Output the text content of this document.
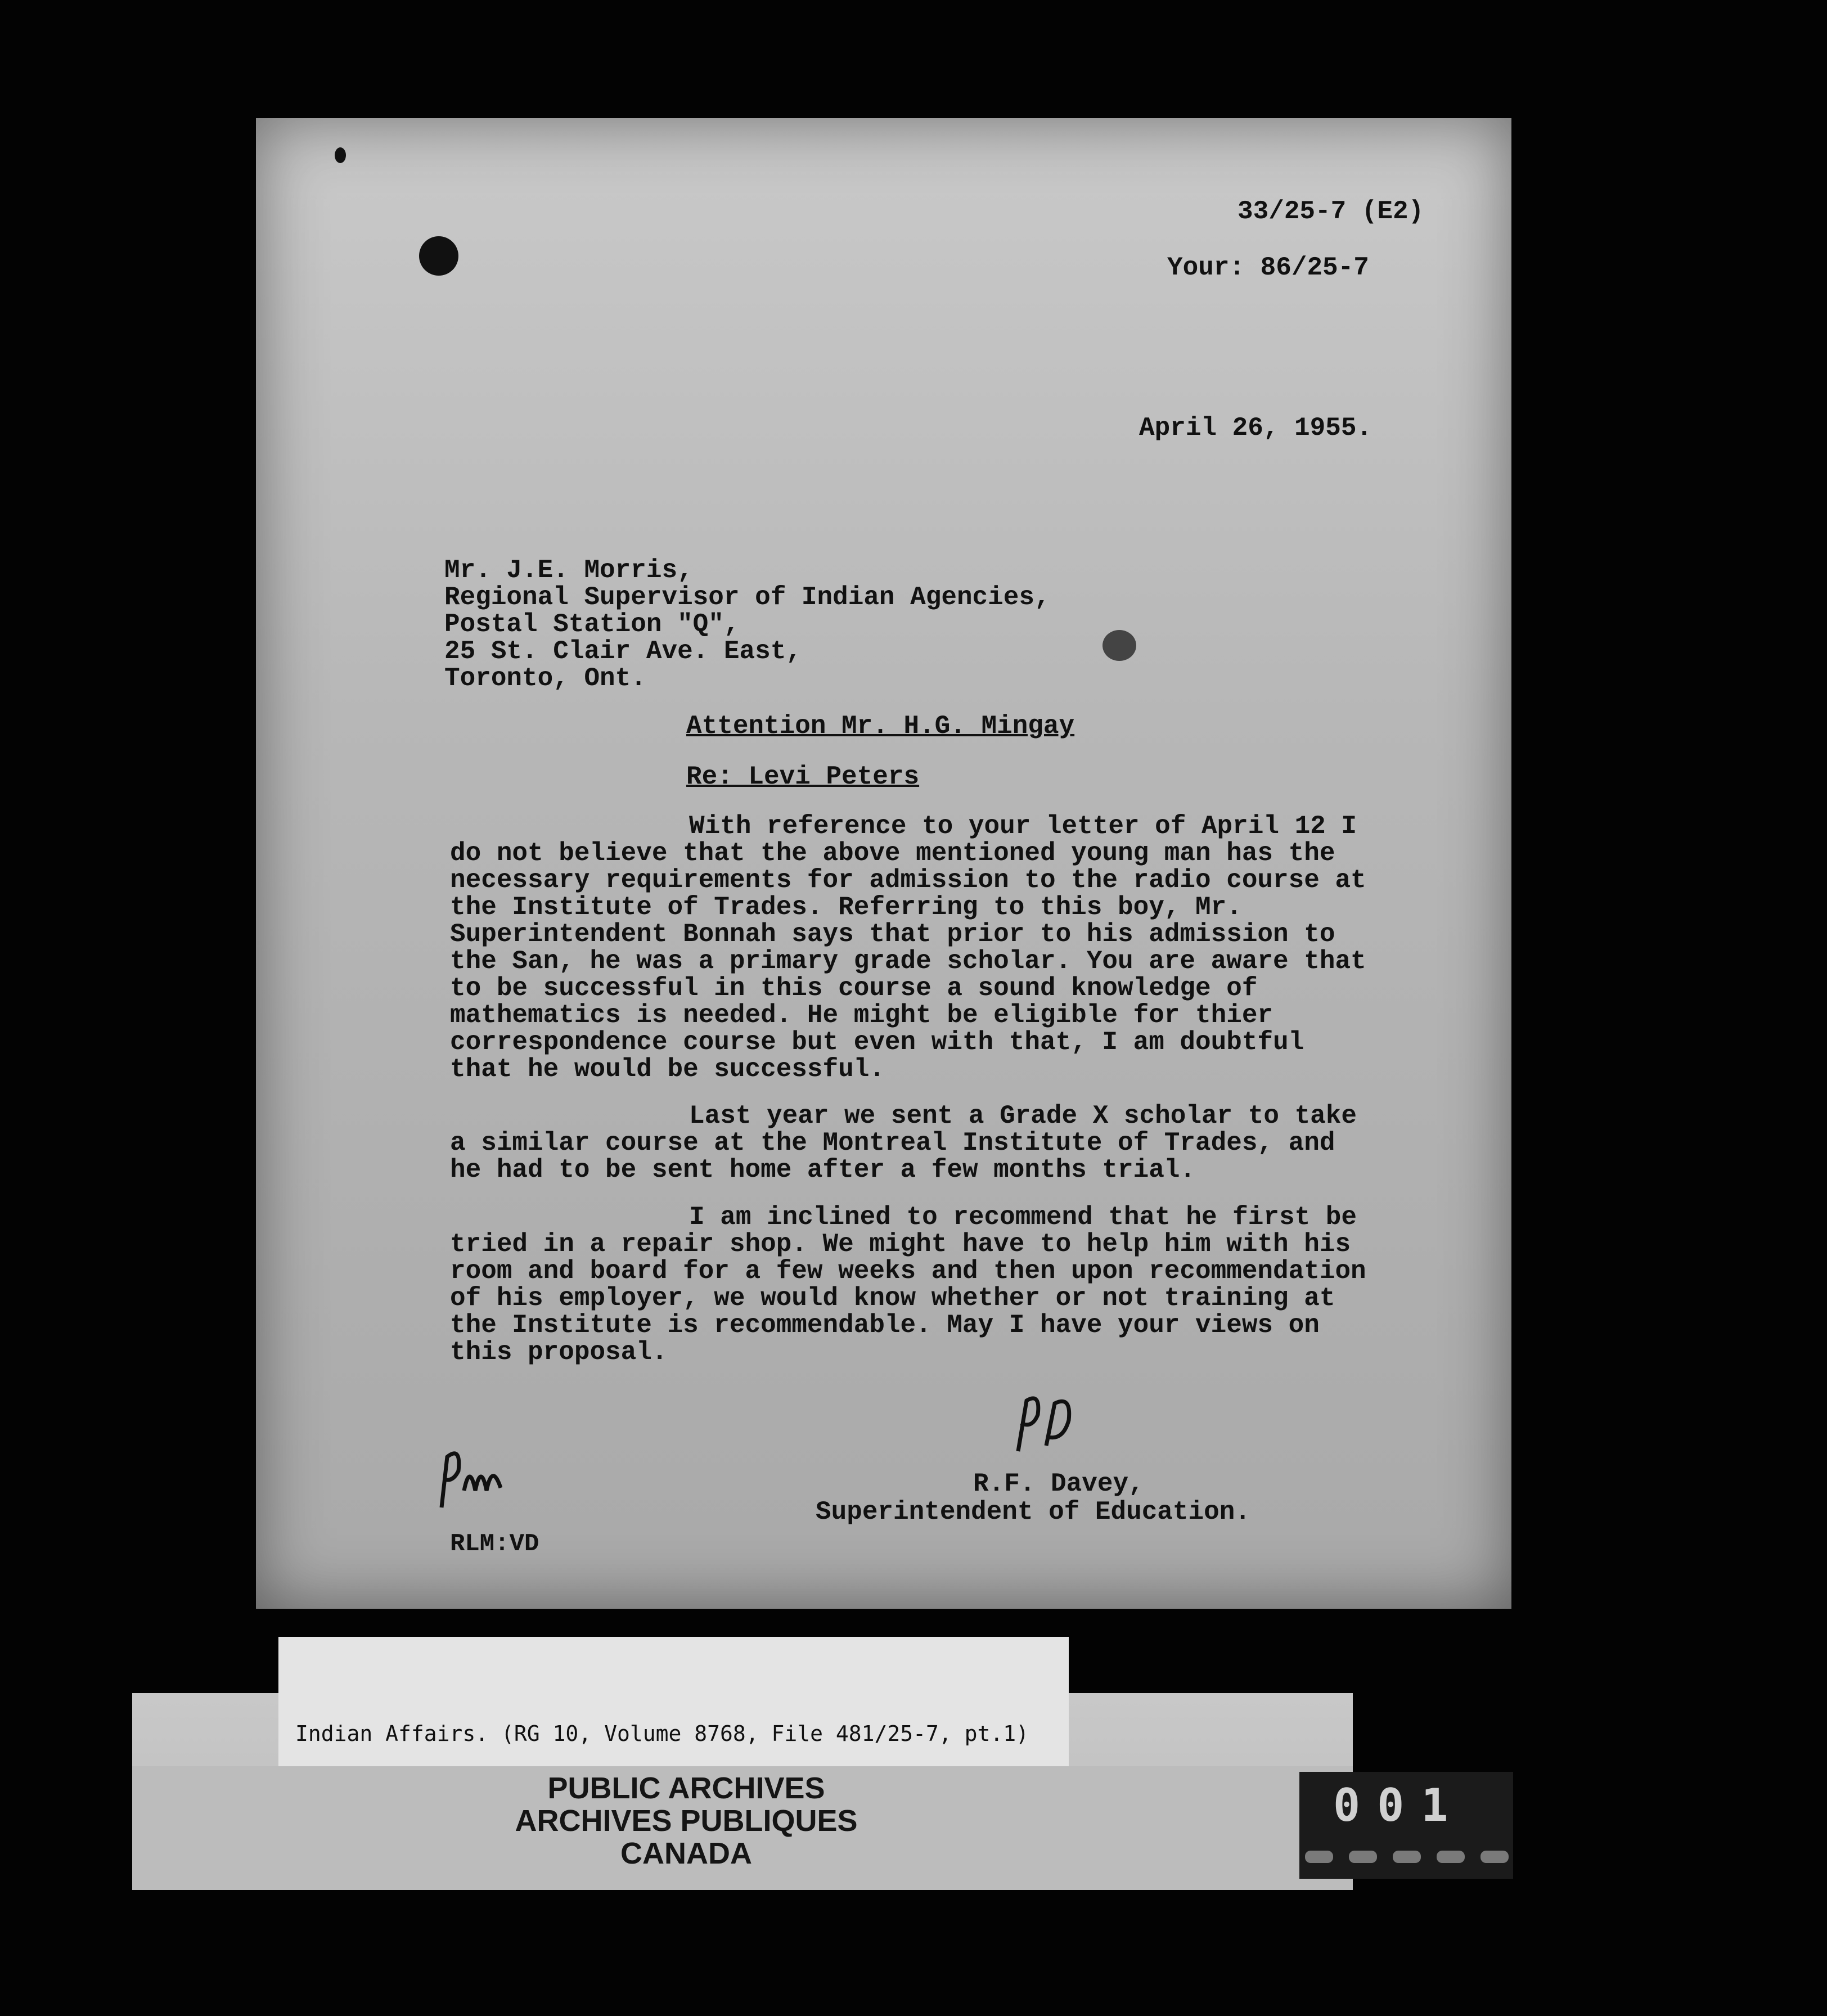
33/25-7 (E2)
Your: 86/25-7
April 26, 1955.
Mr. J.E. Morris,
Regional Supervisor of Indian Agencies,
Postal Station "Q",
25 St. Clair Ave. East,
Toronto, Ont.
Attention Mr. H.G. Mingay
Re: Levi Peters
With reference to your letter of April 12 I do not believe that the above mentioned young man has the necessary requirements for admission to the radio course at the Institute of Trades. Referring to this boy, Mr. Superintendent Bonnah says that prior to his admission to the San, he was a primary grade scholar. You are aware that to be successful in this course a sound knowledge of mathematics is needed. He might be eligible for thier correspondence course but even with that, I am doubtful that he would be successful.
Last year we sent a Grade X scholar to take a similar course at the Montreal Institute of Trades, and he had to be sent home after a few months trial.
I am inclined to recommend that he first be tried in a repair shop. We might have to help him with his room and board for a few weeks and then upon recommendation of his employer, we would know whether or not training at the Institute is recommendable. May I have your views on this proposal.
R.F. Davey,
Superintendent of Education.
RLM:VD
Indian Affairs. (RG 10, Volume 8768, File 481/25-7, pt.1)
PUBLIC ARCHIVES
ARCHIVES PUBLIQUES
CANADA
001
